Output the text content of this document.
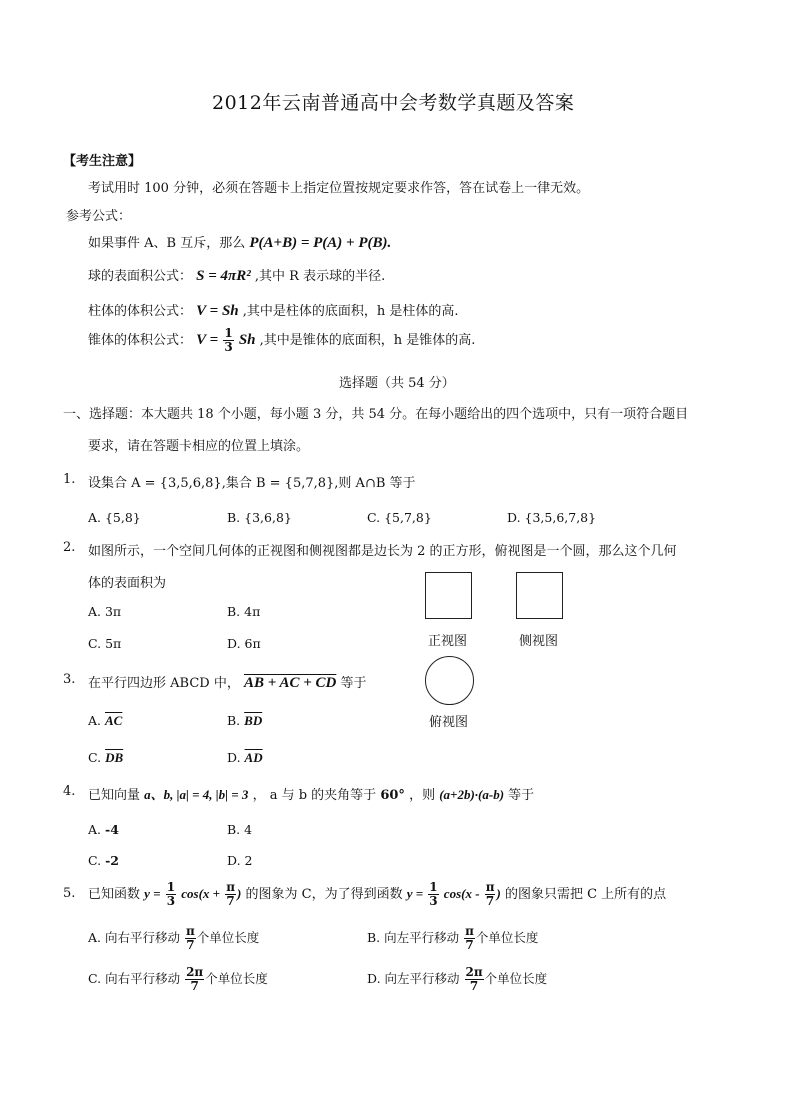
2012年云南普通高中会考数学真题及答案
【考生注意】
考试用时 100 分钟，必须在答题卡上指定位置按规定要求作答，答在试卷上一律无效。
参考公式：
如果事件 A、B 互斥，那么 P(A+B) = P(A) + P(B).
球的表面积公式： S = 4πR² ,其中 R 表示球的半径.
柱体的体积公式： V = Sh ,其中是柱体的底面积，h 是柱体的高.
锥体的体积公式： $V = \frac{1}{3}$ Sh ,其中是锥体的底面积，h 是锥体的高.
选择题（共 54 分）
一、选择题：本大题共 18 个小题，每小题 3 分，共 54 分。在每小题给出的四个选项中，只有一项符合题目
要求，请在答题卡相应的位置上填涂。
1. 设集合 A = {3,5,6,8},集合 B = {5,7,8},则 A∩B 等于
A. {5,8}	B. {3,6,8}	C. {5,7,8}	D. {3,5,6,7,8}
2. 如图所示，一个空间几何体的正视图和侧视图都是边长为 2 的正方形，俯视图是一个圆，那么这个几何
体的表面积为
A. 3π	B. 4π
C. 5π	D. 6π	正视图	侧视图
俯视图
3. 在平行四边形 ABCD 中， AB + AC + CD 等于
A. $\overline{AC}$	B. $\overline{BD}$
C. $\overline{DB}$	D. $\overline{AD}$
4. 已知向量 a、b, |a| = 4, |b| = 3 ， a 与 b 的夹角等于 60° ，则 (a+2b)·(a-b) 等于
A. -4	B. 4
C. -2	D. 2
5. 已知函数 $y = \frac{1}{3} \cos(x + \frac{\pi}{7}$ ) 的图象为 C，为了得到函数 $y = \frac{1}{3} \cos(x - \frac{\pi}{7}$ ) 的图象只需把 C 上所有的点
A. 向右平行移动 $\frac{\pi}{7}$ 个单位长度	B. 向左平行移动 $\frac{\pi}{7}$ 个单位长度
C. 向右平行移动 $\frac{2\pi}{7}$ 个单位长度	D. 向左平行移动 $\frac{2\pi}{7}$ 个单位长度
